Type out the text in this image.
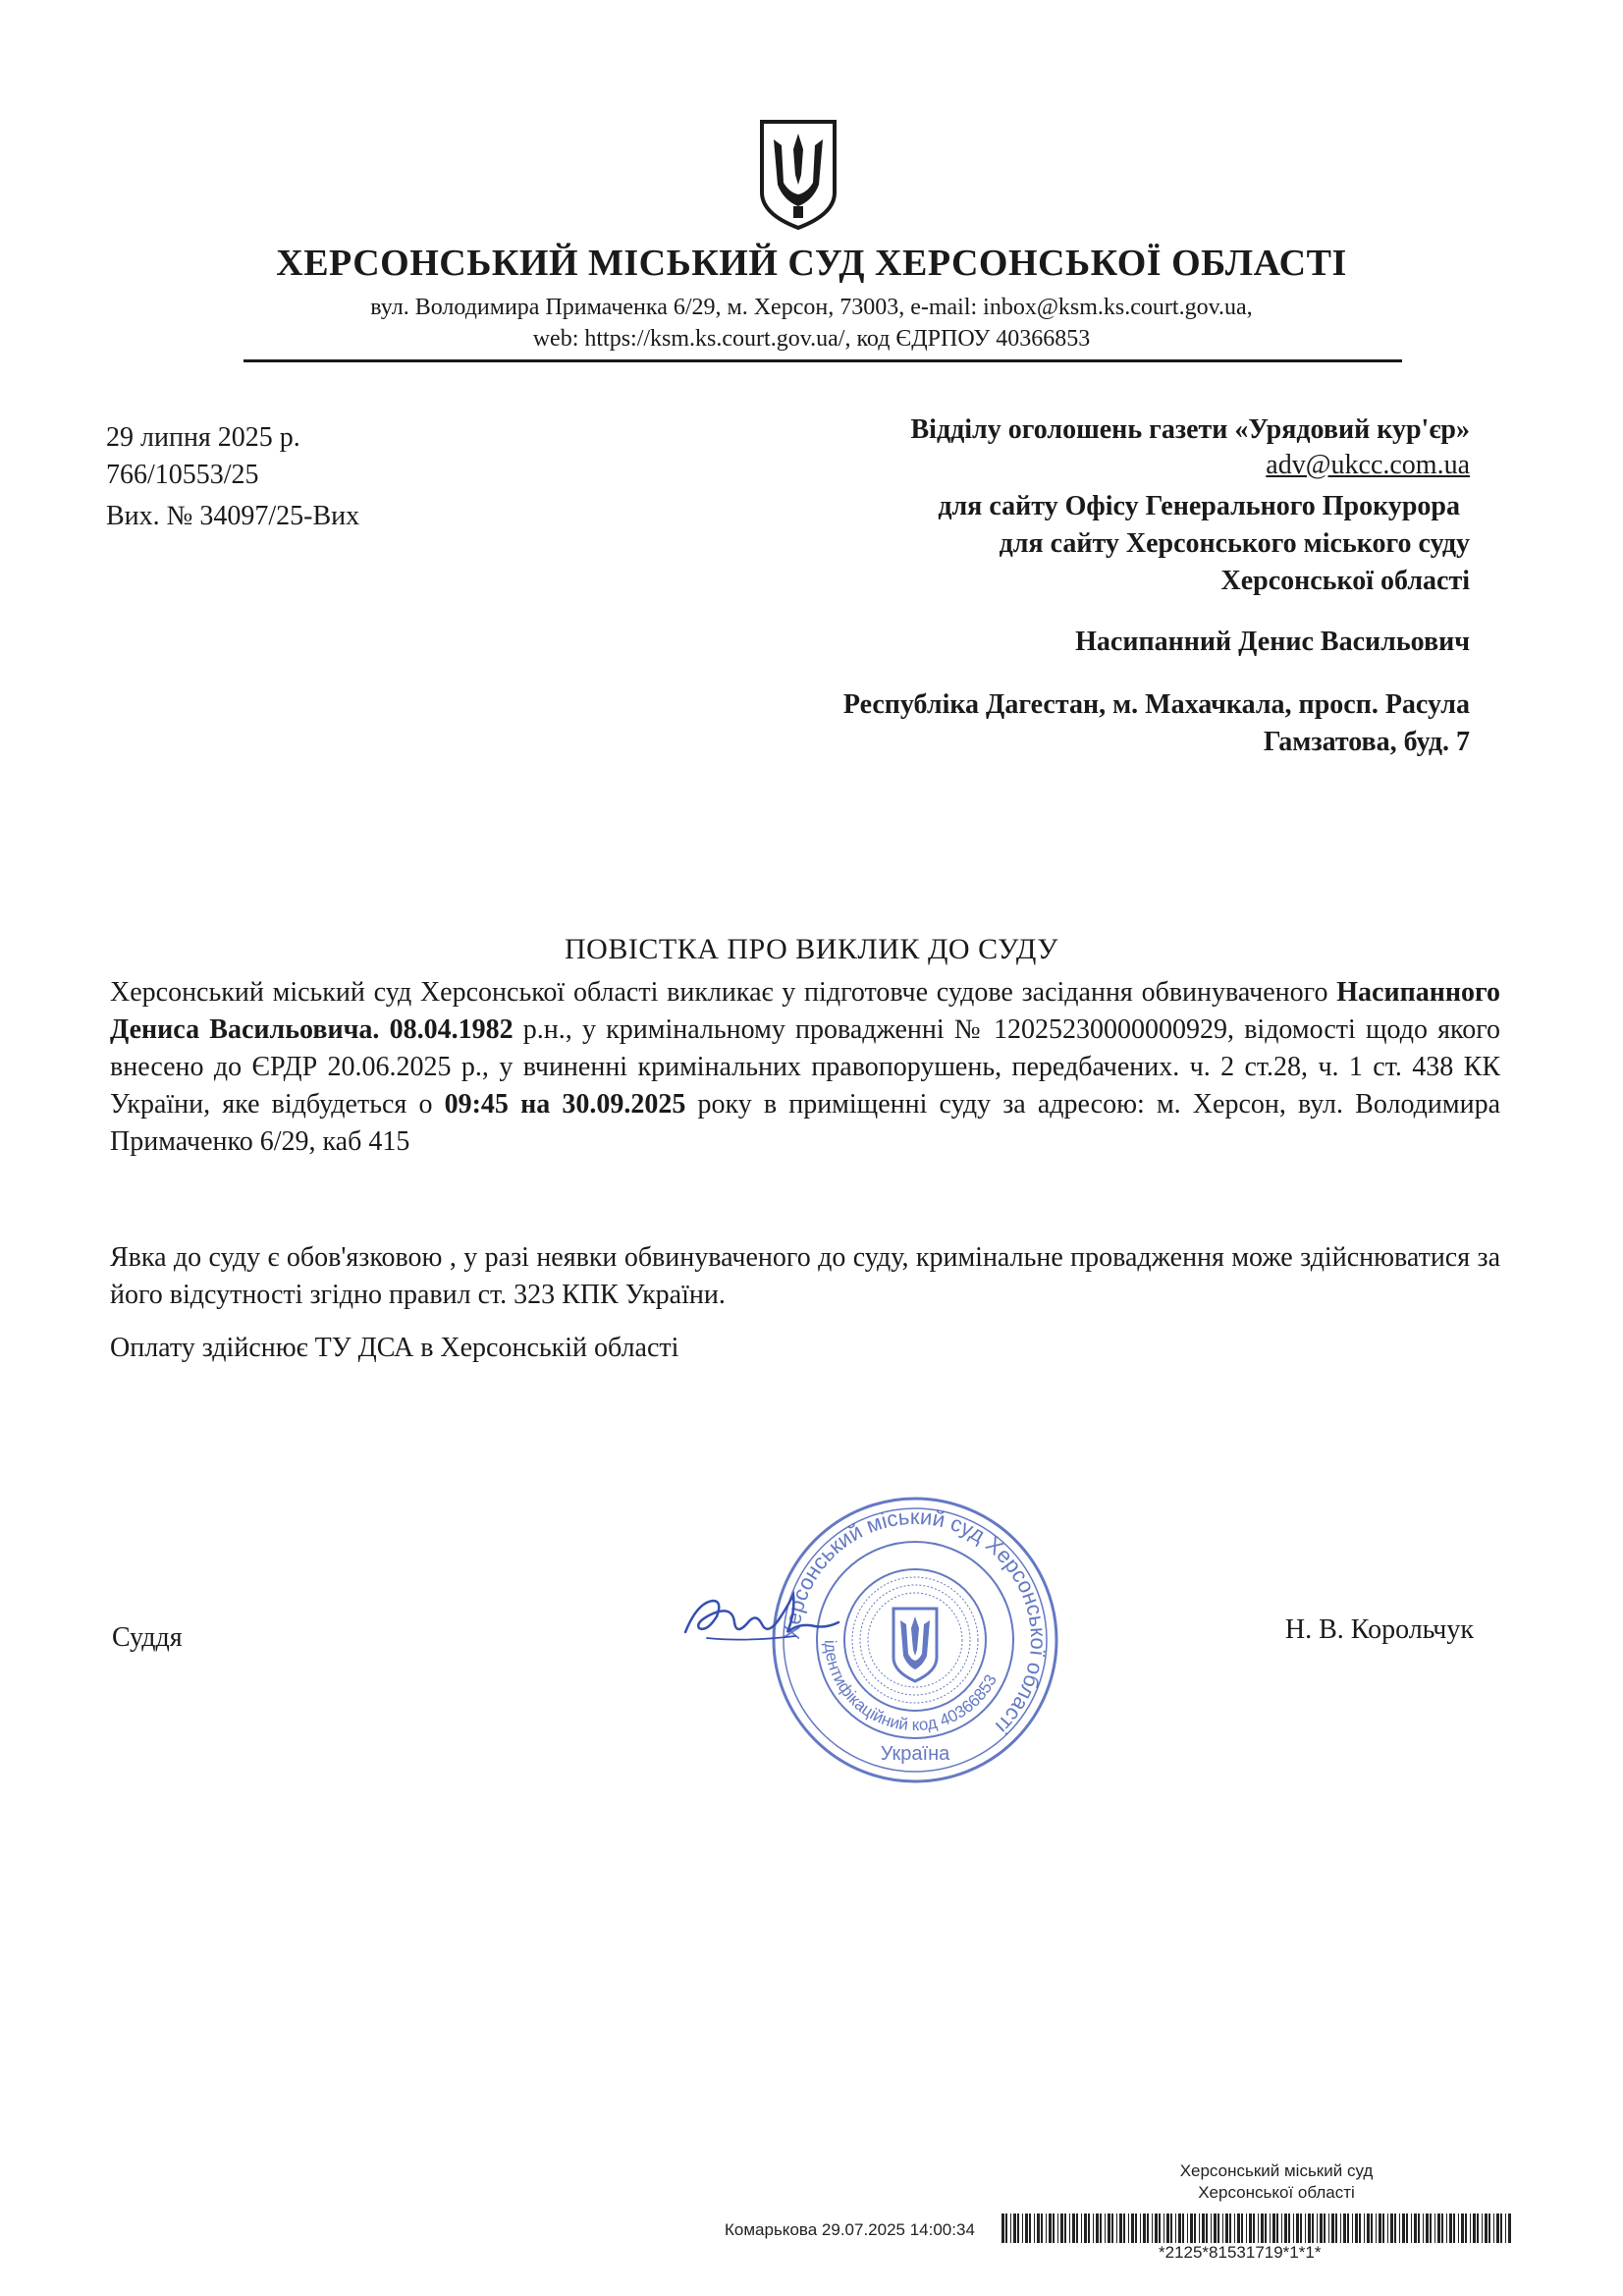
ХЕРСОНСЬКИЙ МІСЬКИЙ СУД ХЕРСОНСЬКОЇ ОБЛАСТІ
вул. Володимира Примаченка 6/29, м. Херсон, 73003, e-mail: inbox@ksm.ks.court.gov.ua,
web: https://ksm.ks.court.gov.ua/, код ЄДРПОУ 40366853
29 липня 2025 р.
766/10553/25
Вих. № 34097/25-Вих
Відділу оголошень газети «Урядовий кур'єр»
adv@ukcc.com.ua
для сайту Офісу Генерального Прокурора
для сайту Херсонського міського суду
Херсонської області
Насипанний Денис Васильович
Республіка Дагестан, м. Махачкала, просп. Расула
Гамзатова, буд. 7
ПОВІСТКА ПРО ВИКЛИК ДО СУДУ
Херсонський міський суд Херсонської області викликає у підготовче судове засідання обвинуваченого Насипанного Дениса Васильовича. 08.04.1982 р.н., у кримінальному провадженні № 12025230000000929, відомості щодо якого внесено до ЄРДР 20.06.2025 р., у вчиненні кримінальних правопорушень, передбачених. ч. 2 ст.28, ч. 1 ст. 438 КК України, яке відбудеться о 09:45 на 30.09.2025 року в приміщенні суду за адресою: м. Херсон, вул. Володимира Примаченко 6/29, каб 415
Явка до суду є обов'язковою , у разі неявки обвинуваченого до суду, кримінальне провадження може здійснюватися за його відсутності згідно правил ст. 323 КПК України.
Оплату здійснює ТУ ДСА в Херсонській області
Суддя	Н. В. Корольчук
Херсонський міський суд Херсонської області
ідентифікаційний код 40366853
Україна
Херсонський міський суд
Херсонської області
Комарькова 29.07.2025 14:00:34
*2125*81531719*1*1*
